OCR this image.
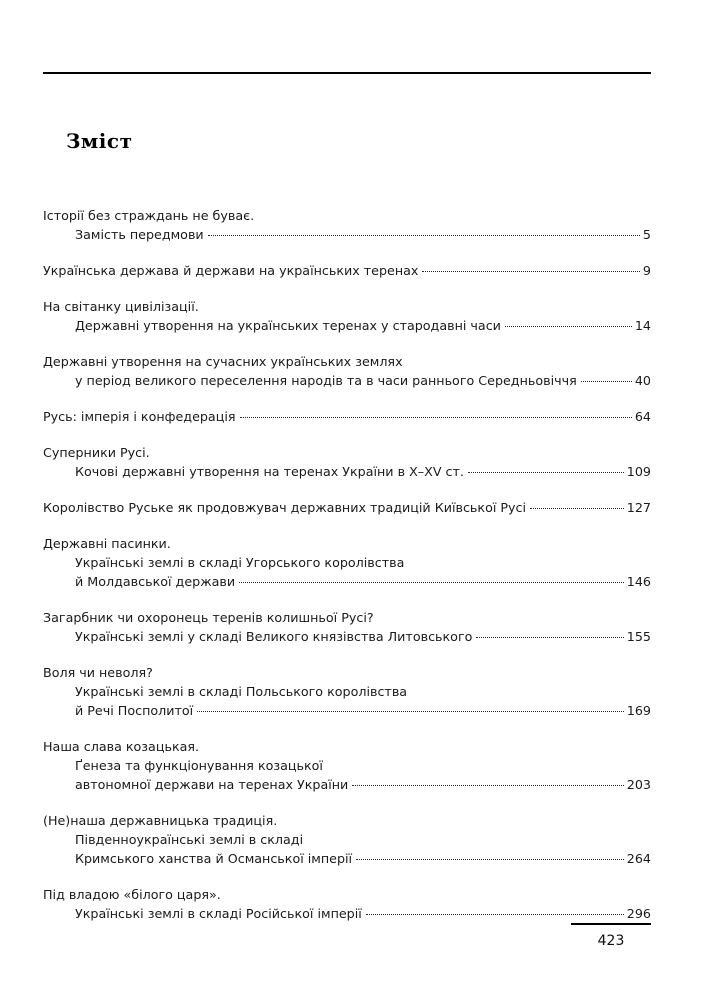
Зміст
Історії без страждань не буває.
Замість передмови	5
Українська держава й держави на українських теренах	9
На світанку цивілізації.
Державні утворення на українських теренах у стародавні часи	14
Державні утворення на сучасних українських землях
у період великого переселення народів та в часи раннього Середньовіччя	40
Русь: імперія і конфедерація	64
Суперники Русі.
Кочові державні утворення на теренах України в X–XV ст.	109
Королівство Руське як продовжувач державних традицій Київської Русі	127
Державні пасинки.
Українські землі в складі Угорського королівства
й Молдавської держави	146
Загарбник чи охоронець теренів колишньої Русі?
Українські землі у складі Великого князівства Литовського	155
Воля чи неволя?
Українські землі в складі Польського королівства
й Речі Посполитої	169
Наша слава козацькая.
Ґенеза та функціонування козацької
автономної держави на теренах України	203
(Не)наша державницька традиція.
Південноукраїнські землі в складі
Кримського ханства й Османської імперії	264
Під владою «білого царя».
Українські землі в складі Російської імперії	296
423
